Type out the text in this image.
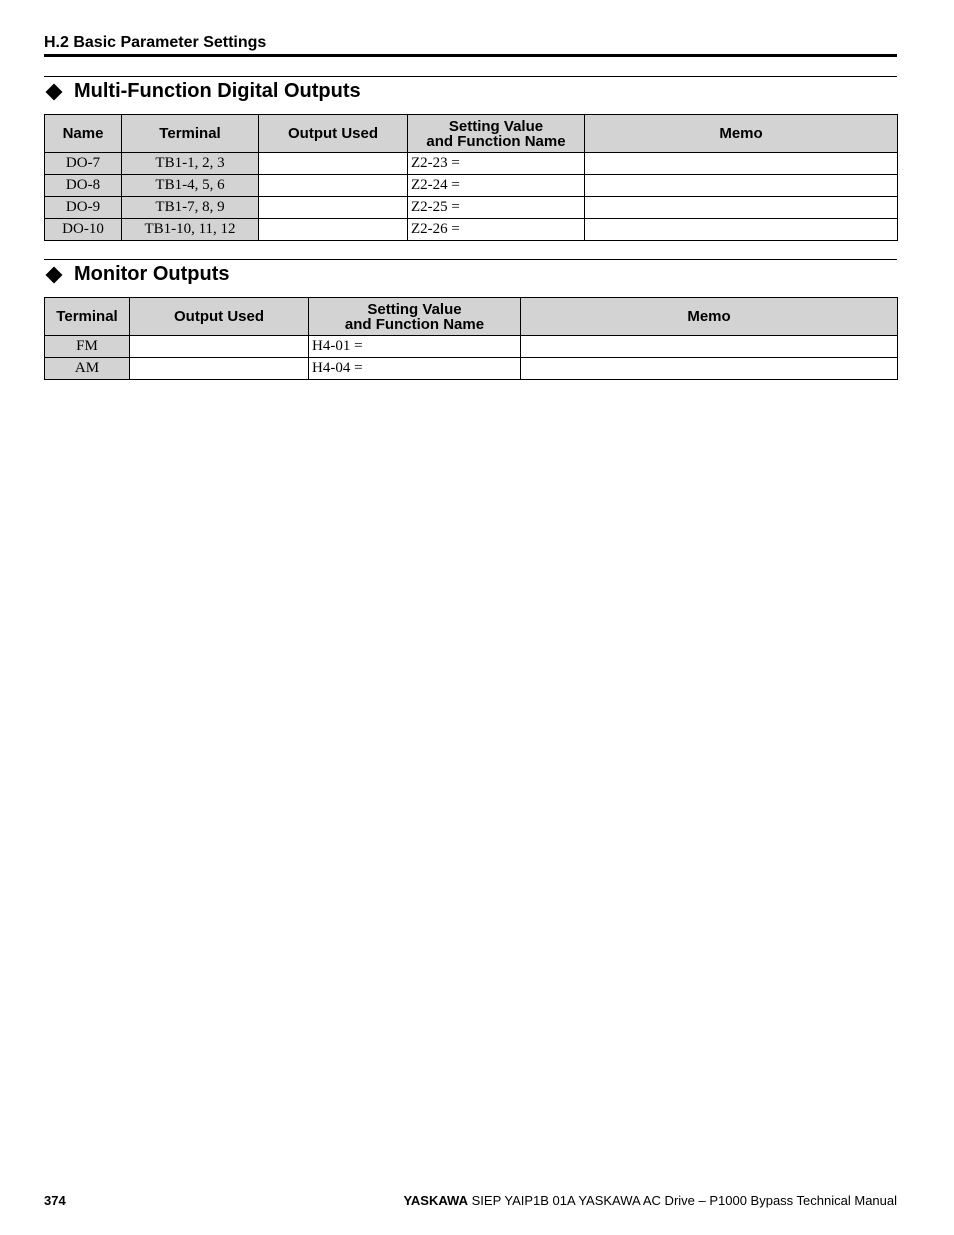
H.2 Basic Parameter Settings
Multi-Function Digital Outputs
Name	Terminal	Output Used	Setting Value
and Function Name	Memo
DO-7	TB1-1, 2, 3		Z2-23 =	
DO-8	TB1-4, 5, 6		Z2-24 =	
DO-9	TB1-7, 8, 9		Z2-25 =	
DO-10	TB1-10, 11, 12		Z2-26 =	
Monitor Outputs
Terminal	Output Used	Setting Value
and Function Name	Memo
FM		H4-01 =	
AM		H4-04 =	
374	YASKAWA SIEP YAIP1B 01A YASKAWA AC Drive – P1000 Bypass Technical Manual
